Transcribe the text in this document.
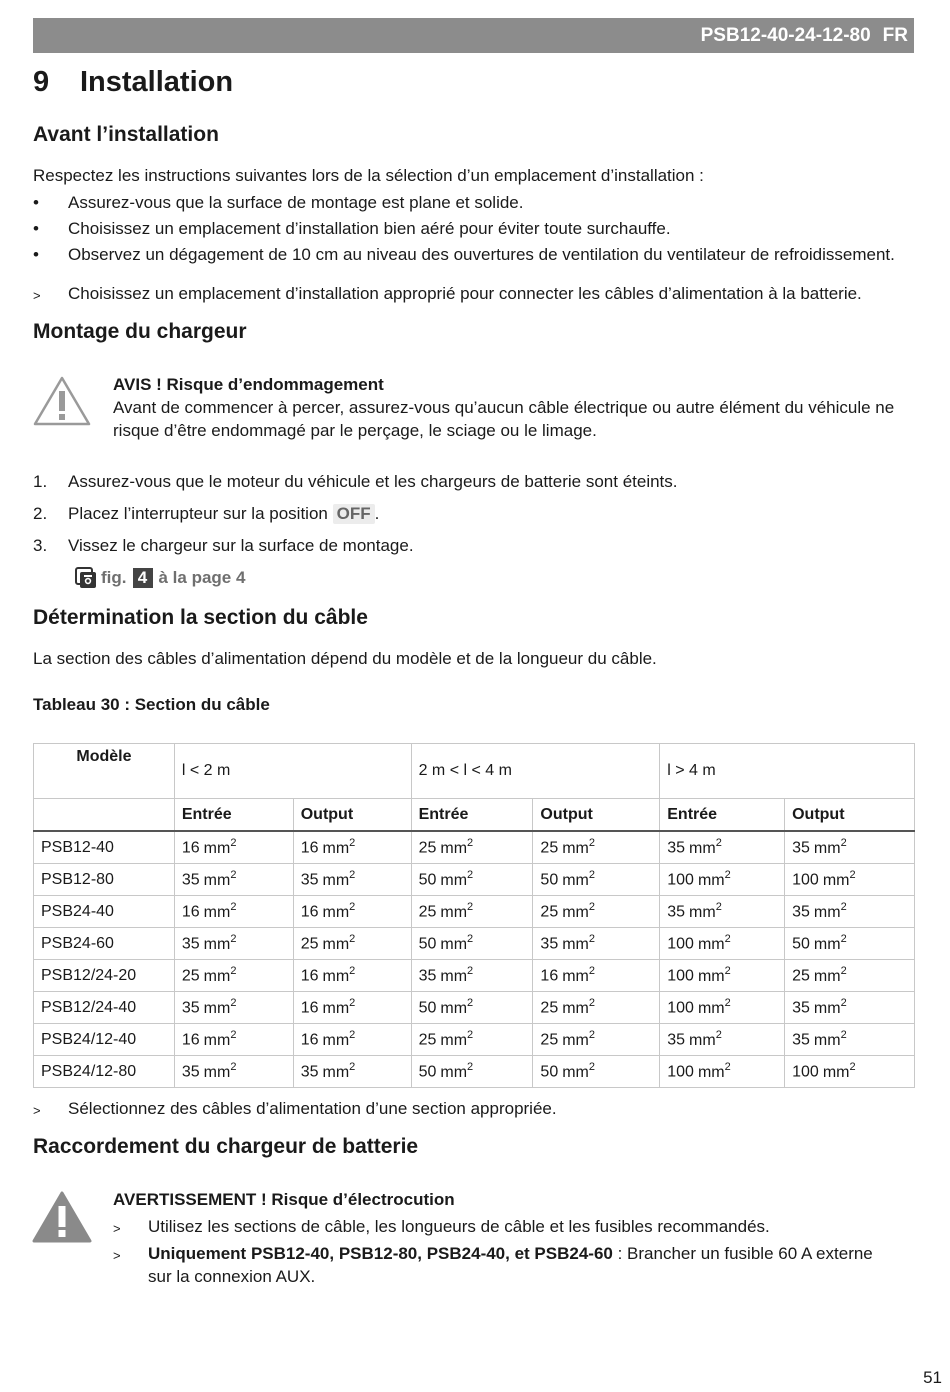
PSB12-40-24-12-80 FR
9	Installation
Avant l’installation
Respectez les instructions suivantes lors de la sélection d’un emplacement d’installation :
•	Assurez-vous que la surface de montage est plane et solide.
•	Choisissez un emplacement d’installation bien aéré pour éviter toute surchauffe.
•	Observez un dégagement de 10 cm au niveau des ouvertures de ventilation du ventilateur de refroidissement.
>	Choisissez un emplacement d’installation approprié pour connecter les câbles d’alimentation à la batterie.
Montage du chargeur
AVIS ! Risque d’endommagement
Avant de commencer à percer, assurez-vous qu’aucun câble électrique ou autre élément du véhicule ne
risque d’être endommagé par le perçage, le sciage ou le limage.
1.	Assurez-vous que le moteur du véhicule et les chargeurs de batterie sont éteints.
2.	Placez l’interrupteur sur la position OFF .
3.	Vissez le chargeur sur la surface de montage.
fig. 4 à la page 4
Détermination la section du câble
La section des câbles d’alimentation dépend du modèle et de la longueur du câble.
Tableau 30 : Section du câble
Modèle	l < 2 m		2 m < l < 4 m		l > 4 m	
	Entrée	Output	Entrée	Output	Entrée	Output
PSB12-40	16 $mm^2$	16 $mm^2$	25 $mm^2$	25 $mm^2$	35 $mm^2$	35 $mm^2$
PSB12-80	35 $mm^2$	35 $mm^2$	50 $mm^2$	50 $mm^2$	100 $mm^2$	100 $mm^2$
PSB24-40	16 $mm^2$	16 $mm^2$	25 $mm^2$	25 $mm^2$	35 $mm^2$	35 $mm^2$
PSB24-60	35 $mm^2$	25 $mm^2$	50 $mm^2$	35 $mm^2$	100 $mm^2$	50 $mm^2$
PSB12/24-20	25 $mm^2$	16 $mm^2$	35 $mm^2$	16 $mm^2$	100 $mm^2$	25 $mm^2$
PSB12/24-40	35 $mm^2$	16 $mm^2$	50 $mm^2$	25 $mm^2$	100 $mm^2$	35 $mm^2$
PSB24/12-40	16 $mm^2$	16 $mm^2$	25 $mm^2$	25 $mm^2$	35 $mm^2$	35 $mm^2$
PSB24/12-80	35 $mm^2$	35 $mm^2$	50 $mm^2$	50 $mm^2$	100 $mm^2$	100 $mm^2$
>	Sélectionnez des câbles d’alimentation d’une section appropriée.
Raccordement du chargeur de batterie
AVERTISSEMENT ! Risque d’électrocution
>	Utilisez les sections de câble, les longueurs de câble et les fusibles recommandés.
>	Uniquement PSB12-40, PSB12-80, PSB24-40, et PSB24-60 : Brancher un fusible 60 A externe
sur la connexion AUX.
51
